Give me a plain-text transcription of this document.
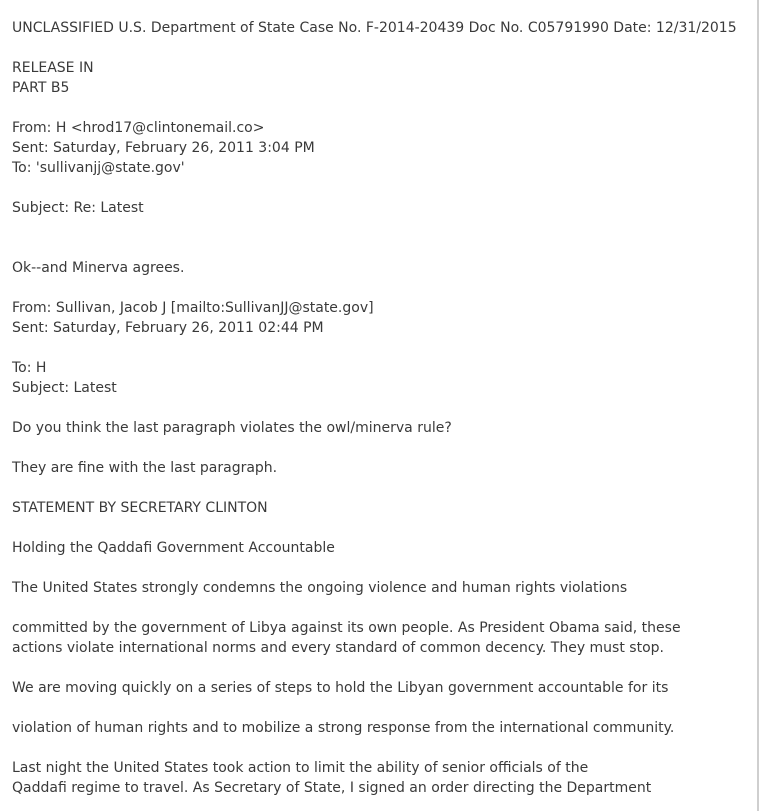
UNCLASSIFIED U.S. Department of State Case No. F-2014-20439 Doc No. C05791990 Date: 12/31/2015
RELEASE IN
PART B5
From: H <hrod17@clintonemail.co>
Sent: Saturday, February 26, 2011 3:04 PM
To: 'sullivanjj@state.gov'
Subject: Re: Latest
Ok--and Minerva agrees.
From: Sullivan, Jacob J [mailto:SullivanJJ@state.gov]
Sent: Saturday, February 26, 2011 02:44 PM
To: H
Subject: Latest
Do you think the last paragraph violates the owl/minerva rule?
They are fine with the last paragraph.
STATEMENT BY SECRETARY CLINTON
Holding the Qaddafi Government Accountable
The United States strongly condemns the ongoing violence and human rights violations
committed by the government of Libya against its own people. As President Obama said, these
actions violate international norms and every standard of common decency. They must stop.
We are moving quickly on a series of steps to hold the Libyan government accountable for its
violation of human rights and to mobilize a strong response from the international community.
Last night the United States took action to limit the ability of senior officials of the
Qaddafi regime to travel. As Secretary of State, I signed an order directing the Department
